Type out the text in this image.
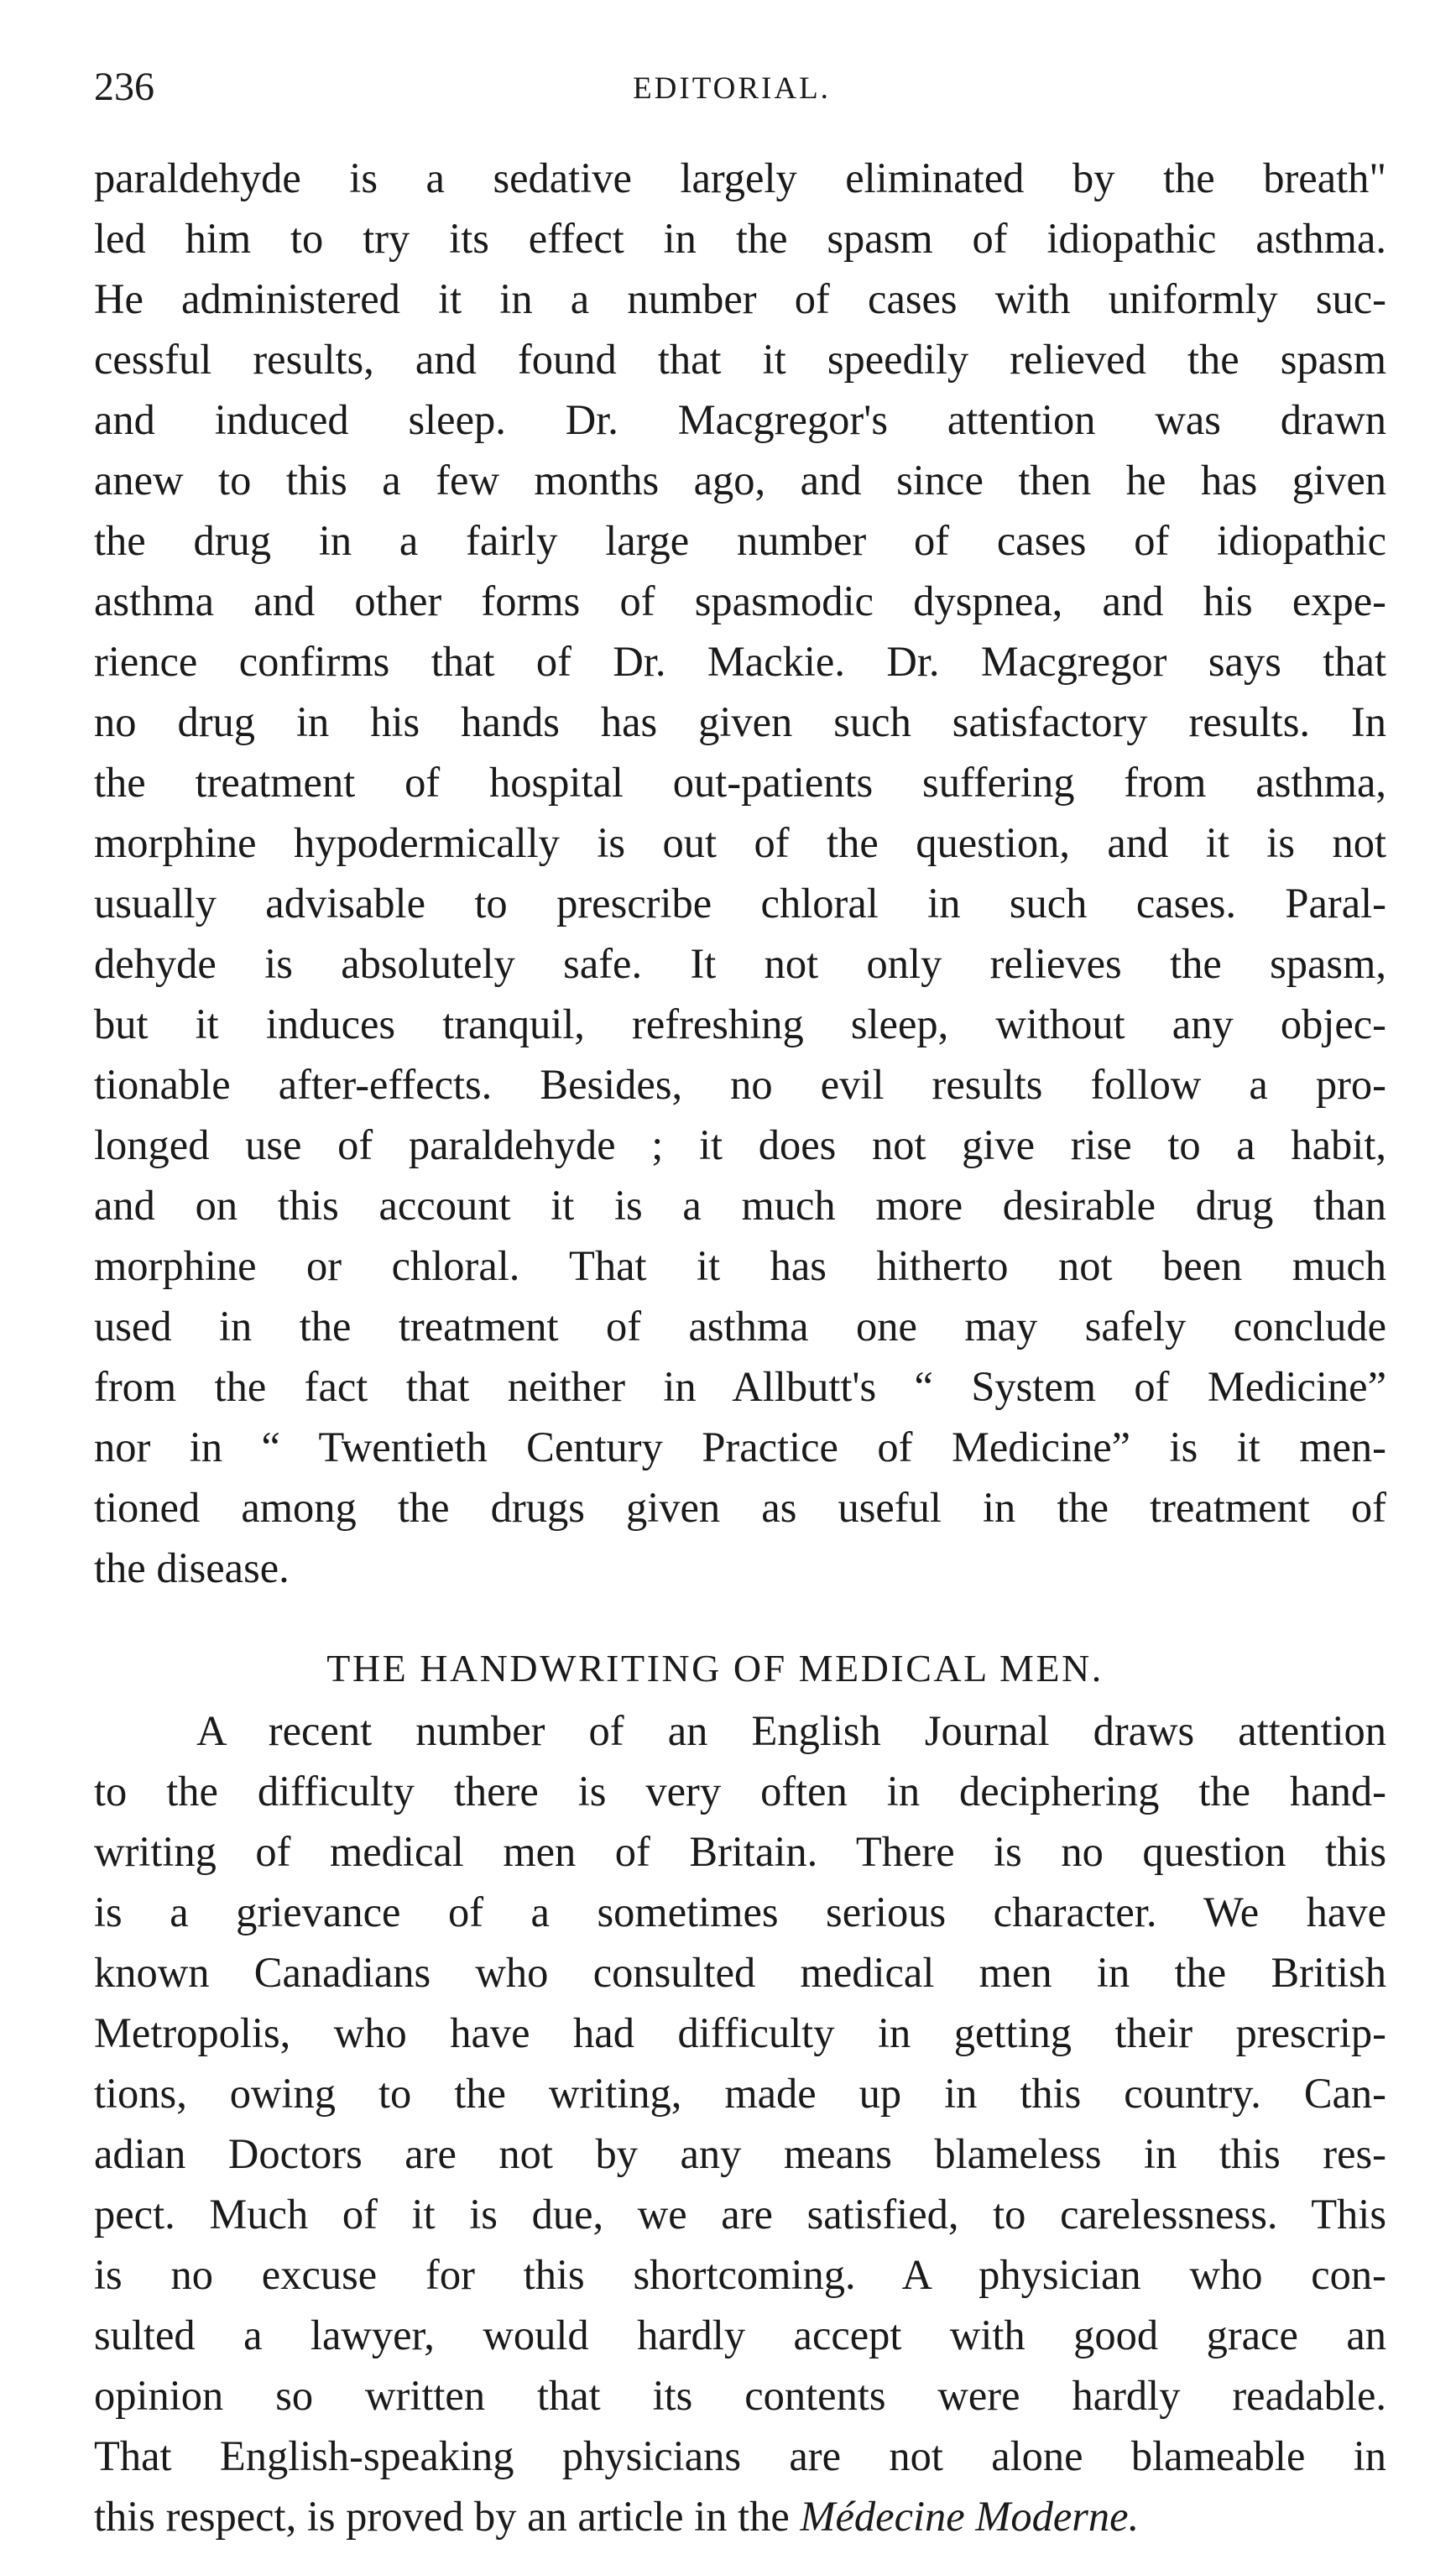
236	EDITORIAL.
paraldehyde is a sedative largely eliminated by the breath"
led him to try its effect in the spasm of idiopathic asthma.
He administered it in a number of cases with uniformly suc-
cessful results, and found that it speedily relieved the spasm
and induced sleep. Dr. Macgregor's attention was drawn
anew to this a few months ago, and since then he has given
the drug in a fairly large number of cases of idiopathic
asthma and other forms of spasmodic dyspnea, and his expe-
rience confirms that of Dr. Mackie. Dr. Macgregor says that
no drug in his hands has given such satisfactory results. In
the treatment of hospital out-patients suffering from asthma,
morphine hypodermically is out of the question, and it is not
usually advisable to prescribe chloral in such cases. Paral-
dehyde is absolutely safe. It not only relieves the spasm,
but it induces tranquil, refreshing sleep, without any objec-
tionable after-effects. Besides, no evil results follow a pro-
longed use of paraldehyde ; it does not give rise to a habit,
and on this account it is a much more desirable drug than
morphine or chloral. That it has hitherto not been much
used in the treatment of asthma one may safely conclude
from the fact that neither in Allbutt's “ System of Medicine”
nor in “ Twentieth Century Practice of Medicine” is it men-
tioned among the drugs given as useful in the treatment of
the disease.
THE HANDWRITING OF MEDICAL MEN.
A recent number of an English Journal draws attention
to the difficulty there is very often in deciphering the hand-
writing of medical men of Britain. There is no question this
is a grievance of a sometimes serious character. We have
known Canadians who consulted medical men in the British
Metropolis, who have had difficulty in getting their prescrip-
tions, owing to the writing, made up in this country. Can-
adian Doctors are not by any means blameless in this res-
pect. Much of it is due, we are satisfied, to carelessness. This
is no excuse for this shortcoming. A physician who con-
sulted a lawyer, would hardly accept with good grace an
opinion so written that its contents were hardly readable.
That English-speaking physicians are not alone blameable in
this respect, is proved by an article in the Médecine Moderne.
